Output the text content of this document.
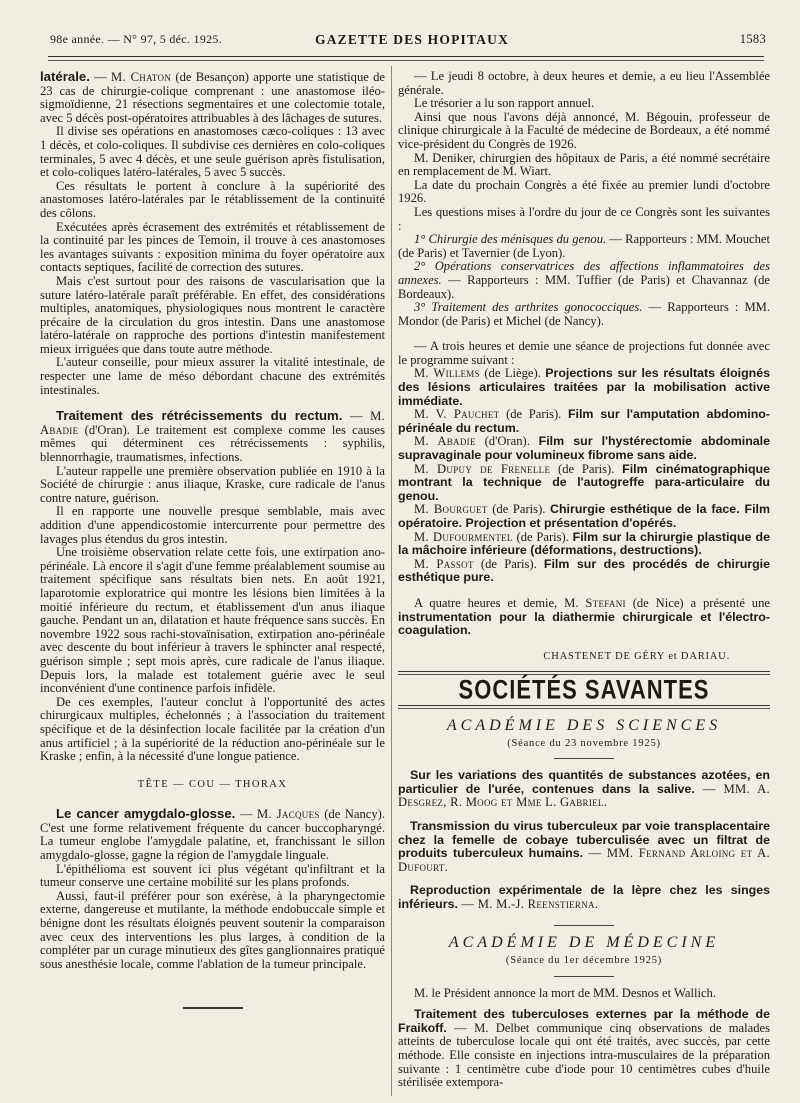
98e année. — N° 97, 5 déc. 1925.	GAZETTE DES HOPITAUX	1583

latérale. — M. Chaton (de Besançon) apporte une statistique de 23 cas de chirurgie-colique comprenant : une anastomose iléo-sigmoïdienne, 21 résections segmentaires et une colectomie totale, avec 5 décès post-opératoires attribuables à des lâchages de sutures.

Il divise ses opérations en anastomoses cæco-coliques : 13 avec 1 décès, et colo-coliques. Il subdivise ces dernières en colo-coliques terminales, 5 avec 4 décès, et une seule guérison après fistulisation, et colo-coliques latéro-latérales, 5 avec 5 succès.

Ces résultats le portent à conclure à la supériorité des anastomoses latéro-latérales par le rétablissement de la continuité des côlons.

Exécutées après écrasement des extrémités et rétablissement de la continuité par les pinces de Temoin, il trouve à ces anastomoses les avantages suivants : exposition minima du foyer opératoire aux contacts septiques, facilité de correction des sutures.

Mais c'est surtout pour des raisons de vascularisation que la suture latéro-latérale paraît préférable. En effet, des considérations multiples, anatomiques, physiologiques nous montrent le caractère précaire de la circulation du gros intestin. Dans une anastomose latéro-latérale on rapproche des portions d'intestin manifestement mieux irriguées que dans toute autre méthode.

L'auteur conseille, pour mieux assurer la vitalité intestinale, de respecter une lame de méso débordant chacune des extrémités intestinales.

Traitement des rétrécissements du rectum. — M. Abadie (d'Oran). Le traitement est complexe comme les causes mêmes qui déterminent ces rétrécissements : syphilis, blennorrhagie, traumatismes, infections.

L'auteur rappelle une première observation publiée en 1910 à la Société de chirurgie : anus iliaque, Kraske, cure radicale de l'anus contre nature, guérison.

Il en rapporte une nouvelle presque semblable, mais avec addition d'une appendicostomie intercurrente pour permettre des lavages plus étendus du gros intestin.

Une troisième observation relate cette fois, une extirpation ano-périnéale. Là encore il s'agit d'une femme préalablement soumise au traitement spécifique sans résultats bien nets. En août 1921, laparotomie exploratrice qui montre les lésions bien limitées à la moitié inférieure du rectum, et établissement d'un anus iliaque gauche. Pendant un an, dilatation et haute fréquence sans succès. En novembre 1922 sous rachi-stovaïnisation, extirpation ano-périnéale avec descente du bout inférieur à travers le sphincter anal respecté, guérison simple ; sept mois après, cure radicale de l'anus iliaque. Depuis lors, la malade est totalement guérie avec le seul inconvénient d'une continence parfois infidèle.

De ces exemples, l'auteur conclut à l'opportunité des actes chirurgicaux multiples, échelonnés ; à l'association du traitement spécifique et de la désinfection locale facilitée par la création d'un anus artificiel ; à la supériorité de la réduction ano-périnéale sur le Kraske ; enfin, à la nécessité d'une longue patience.

TÊTE — COU — THORAX

Le cancer amygdalo-glosse. — M. Jacques (de Nancy). C'est une forme relativement fréquente du cancer buccopharyngé. La tumeur englobe l'amygdale palatine, et, franchissant le sillon amygdalo-glosse, gagne la région de l'amygdale linguale.

L'épithélioma est souvent ici plus végétant qu'infiltrant et la tumeur conserve une certaine mobilité sur les plans profonds.

Aussi, faut-il préférer pour son exérèse, à la pharyngectomie externe, dangereuse et mutilante, la méthode endobuccale simple et bénigne dont les résultats éloignés peuvent soutenir la comparaison avec ceux des interventions les plus larges, à condition de la compléter par un curage minutieux des gîtes ganglionnaires pratiqué sous anesthésie locale, comme l'ablation de la tumeur principale.

— Le jeudi 8 octobre, à deux heures et demie, a eu lieu l'Assemblée générale.

Le trésorier a lu son rapport annuel.

Ainsi que nous l'avons déjà annoncé, M. Bégouin, professeur de clinique chirurgicale à la Faculté de médecine de Bordeaux, a été nommé vice-président du Congrès de 1926.

M. Deniker, chirurgien des hôpitaux de Paris, a été nommé secrétaire en remplacement de M. Wiart.

La date du prochain Congrès a été fixée au premier lundi d'octobre 1926.

Les questions mises à l'ordre du jour de ce Congrès sont les suivantes :

1° Chirurgie des ménisques du genou. — Rapporteurs : MM. Mouchet (de Paris) et Tavernier (de Lyon).

2° Opérations conservatrices des affections inflammatoires des annexes. — Rapporteurs : MM. Tuffier (de Paris) et Chavannaz (de Bordeaux).

3° Traitement des arthrites gonococciques. — Rapporteurs : MM. Mondor (de Paris) et Michel (de Nancy).

— A trois heures et demie une séance de projections fut donnée avec le programme suivant :

M. Willems (de Liège). Projections sur les résultats éloignés des lésions articulaires traitées par la mobilisation active immédiate.

M. V. Pauchet (de Paris). Film sur l'amputation abdomino-périnéale du rectum.

M. Abadie (d'Oran). Film sur l'hystérectomie abdominale supravaginale pour volumineux fibrome sans aide.

M. Dupuy de Frenelle (de Paris). Film cinématographique montrant la technique de l'autogreffe para-articulaire du genou.

M. Bourguet (de Paris). Chirurgie esthétique de la face. Film opératoire. Projection et présentation d'opérés.

M. Dufourmentel (de Paris). Film sur la chirurgie plastique de la mâchoire inférieure (déformations, destructions).

M. Passot (de Paris). Film sur des procédés de chirurgie esthétique pure.

A quatre heures et demie, M. Stefani (de Nice) a présenté une instrumentation pour la diathermie chirurgicale et l'électro-coagulation.

CHASTENET DE GÉRY et DARIAU.
SOCIÉTÉS SAVANTES
ACADÉMIE DES SCIENCES
(Séance du 23 novembre 1925)

Sur les variations des quantités de substances azotées, en particulier de l'urée, contenues dans la salive. — MM. A. Desgrez, R. Moog et Mme L. Gabriel.

Transmission du virus tuberculeux par voie transplacentaire chez la femelle de cobaye tuberculisée avec un filtrat de produits tuberculeux humains. — MM. Fernand Arloing et A. Dufourt.

Reproduction expérimentale de la lèpre chez les singes inférieurs. — M. M.-J. Reenstierna.

ACADÉMIE DE MÉDECINE
(Séance du 1er décembre 1925)

M. le Président annonce la mort de MM. Desnos et Wallich.

Traitement des tuberculoses externes par la méthode de Fraikoff. — M. Delbet communique cinq observations de malades atteints de tuberculose locale qui ont été traités, avec succès, par cette méthode. Elle consiste en injections intra-musculaires de la préparation suivante : 1 centimètre cube d'iode pour 10 centimètres cubes d'huile stérilisée extempora-
